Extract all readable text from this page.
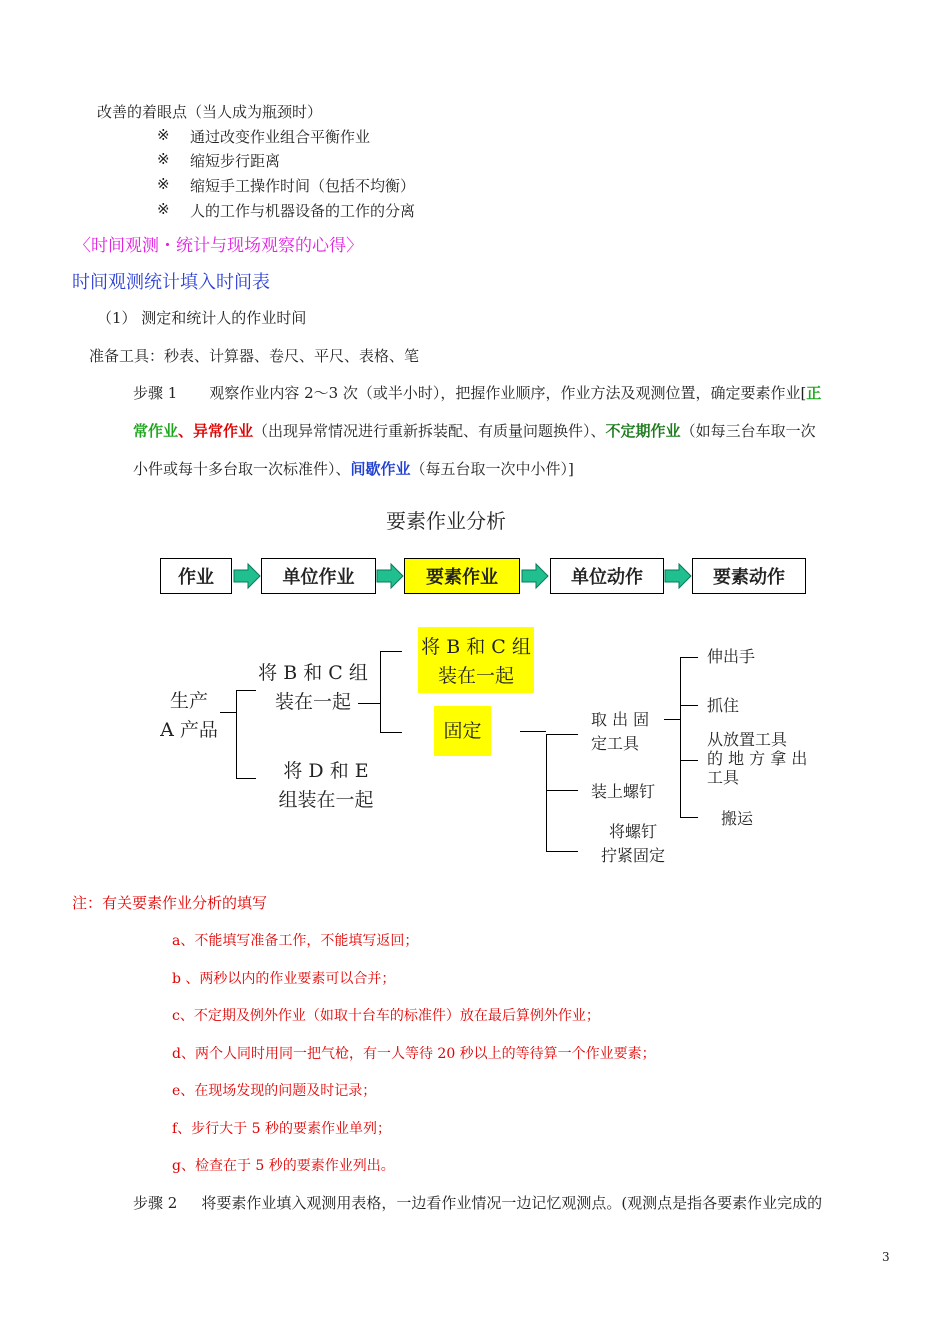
改善的着眼点（当人成为瓶颈时）
※ 通过改变作业组合平衡作业
※ 缩短步行距离
※ 缩短手工操作时间（包括不均衡）
※ 人的工作与机器设备的工作的分离
〈时间观测・统计与现场观察的心得〉
时间观测统计填入时间表
（1） 测定和统计人的作业时间
准备工具：秒表、计算器、卷尺、平尺、表格、笔
步骤 1 观察作业内容 2～3 次（或半小时），把握作业顺序，作业方法及观测位置，确定要素作业[正
常作业、异常作业（出现异常情况进行重新拆装配、有质量问题换件）、不定期作业（如每三台车取一次
小件或每十多台取一次标准件）、间歇作业（每五台取一次中小件）]
要素作业分析
作业	单位作业	要素作业	单位动作	要素动作
生产
A 产品
将 B 和 C 组
装在一起
将 D 和 E
组装在一起
将 B 和 C 组
装在一起
固定
取 出 固
定工具
装上螺钉
将螺钉
拧紧固定
伸出手
抓住
从放置工具
的 地 方 拿 出
工具
搬运
注：有关要素作业分析的填写
a、不能填写准备工作，不能填写返回；
b 、两秒以内的作业要素可以合并；
c、不定期及例外作业（如取十台车的标准件）放在最后算例外作业；
d、两个人同时用同一把气枪，有一人等待 20 秒以上的等待算一个作业要素；
e、在现场发现的问题及时记录；
f、步行大于 5 秒的要素作业单列；
g、检查在于 5 秒的要素作业列出。
步骤 2 将要素作业填入观测用表格，一边看作业情况一边记忆观测点。(观测点是指各要素作业完成的
3
